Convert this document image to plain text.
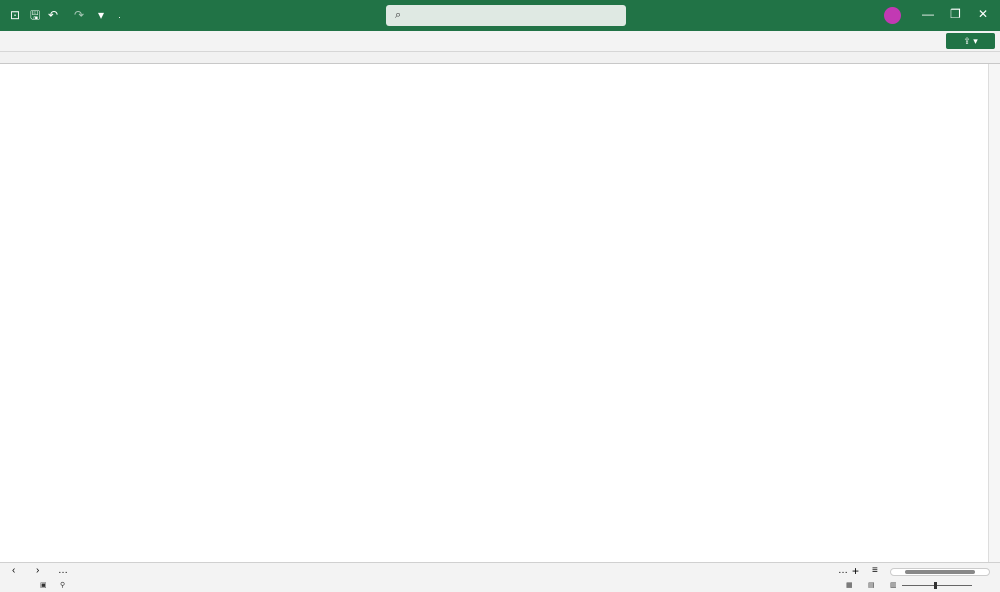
⊡ 🖫 ↶ ↷ ▾ ·	⌕	— ❐ ✕
⇪ ▾
‹ › …	… + ≡
▣ ⚲	▦ ▤ ▥
